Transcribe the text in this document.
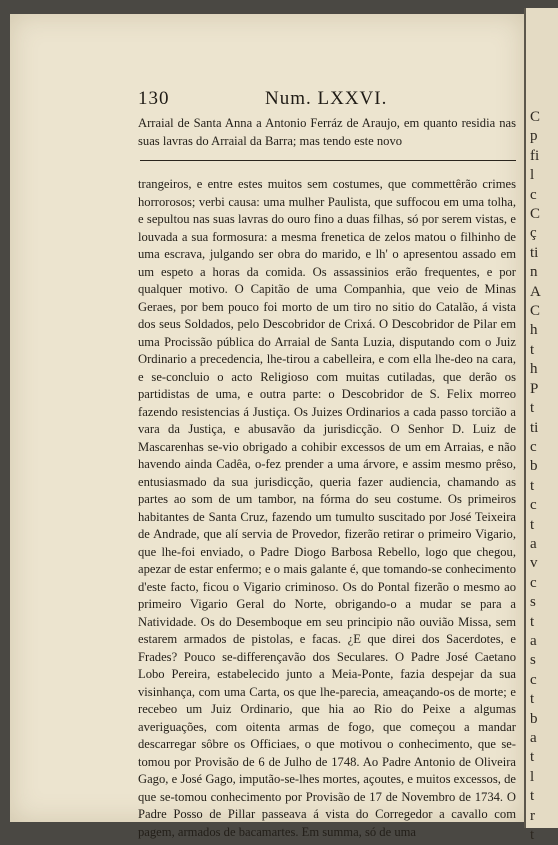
130	Num. LXXVI.

Arraial de Santa Anna a Antonio Ferráz de Araujo, em quanto residia nas suas lavras do Arraial da Barra; mas tendo este novo

trangeiros, e entre estes muitos sem costumes, que commettêrão crimes horrorosos; verbi causa: uma mulher Paulista, que suffocou em uma tolha, e sepultou nas suas lavras do ouro fino a duas filhas, só por serem vistas, e louvada a sua formosura: a mesma frenetica de zelos matou o filhinho de uma escrava, julgando ser obra do marido, e lh' o apresentou assado em um espeto a horas da comida. Os assassinios erão frequentes, e por qualquer motivo. O Capitão de uma Companhia, que veio de Minas Geraes, por bem pouco foi morto de um tiro no sitio do Catalão, á vista dos seus Soldados, pelo Descobridor de Crixá. O Descobridor de Pilar em uma Procissão pública do Arraial de Santa Luzia, disputando com o Juiz Ordinario a precedencia, lhe-tirou a cabelleira, e com ella lhe-deo na cara, e se-concluio o acto Religioso com muitas cutiladas, que derão os partidistas de uma, e outra parte: o Descobridor de S. Felix morreo fazendo resistencias á Justiça. Os Juizes Ordinarios a cada passo torcião a vara da Justiça, e abusavão da jurisdicção. O Senhor D. Luiz de Mascarenhas se-vio obrigado a cohibir excessos de um em Arraias, e não havendo ainda Cadêa, o-fez prender a uma árvore, e assim mesmo prêso, entusiasmado da sua jurisdicção, queria fazer audiencia, chamando as partes ao som de um tambor, na fórma do seu costume. Os primeiros habitantes de Santa Cruz, fazendo um tumulto suscitado por José Teixeira de Andrade, que alí servia de Provedor, fizerão retirar o primeiro Vigario, que lhe-foi enviado, o Padre Diogo Barbosa Rebello, logo que chegou, apezar de estar enfermo; e o mais galante é, que tomando-se conhecimento d'este facto, ficou o Vigario criminoso. Os do Pontal fizerão o mesmo ao primeiro Vigario Geral do Norte, obrigando-o a mudar se para a Natividade. Os do Desemboque em seu principio não ouvião Missa, sem estarem armados de pistolas, e facas. ¿E que direi dos Sacerdotes, e Frades? Pouco se-differençavão dos Seculares. O Padre José Caetano Lobo Pereira, estabelecido junto a Meia-Ponte, fazia despejar da sua visinhança, com uma Carta, os que lhe-parecia, ameaçando-os de morte; e recebeo um Juiz Ordinario, que hia ao Rio do Peixe a algumas averiguações, com oitenta armas de fogo, que começou a mandar descarregar sôbre os Officiaes, o que motivou o conhecimento, que se-tomou por Provisão de 6 de Julho de 1748. Ao Padre Antonio de Oliveira Gago, e José Gago, imputão-se-lhes mortes, açoutes, e muitos excessos, de que se-tomou conhecimento por Provisão de 17 de Novembro de 1734. O Padre Posso de Pillar passeava á vista do Corregedor a cavallo com pagem, armados de bacamartes. Em summa, só de uma

C
p
fi
l
c
C
ç
ti
n
A
C
h
t
h
P
t
ti
c
b
t
c
t
a
v
c
s
t
a
s
c
t
b
a
t
l
t
r
t
